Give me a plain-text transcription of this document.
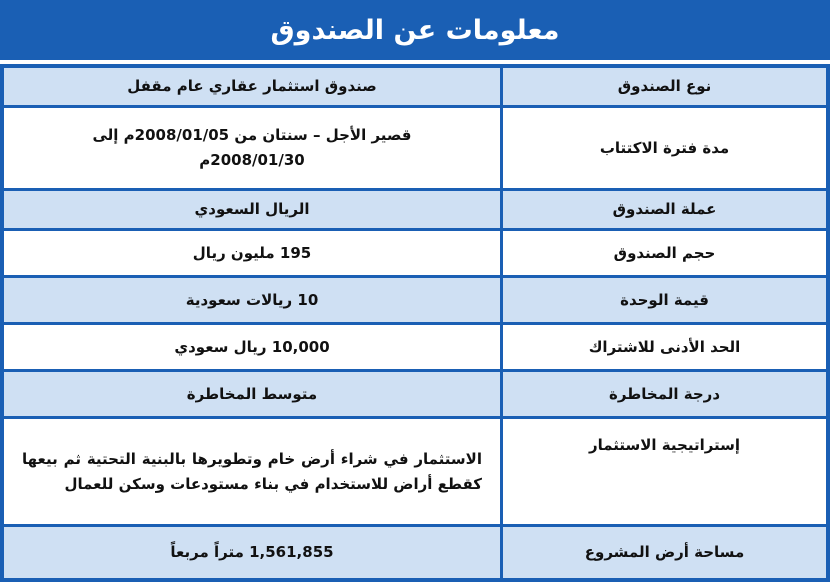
معلومات عن الصندوق
نوع الصندوق
صندوق استثمار عقاري عام مقفل
مدة فترة الاكتتاب
قصير الأجل – سنتان من 2008/01/05م إلى 2008/01/30م
عملة الصندوق
الريال السعودي
حجم الصندوق
195 مليون ريال
قيمة الوحدة
10 ريالات سعودية
الحد الأدنى للاشتراك
10,000 ريال سعودي
درجة المخاطرة
متوسط المخاطرة
إستراتيجية الاستثمار
الاستثمار في شراء أرض خام وتطويرها بالبنية التحتية ثم بيعها كقطع أراض للاستخدام في بناء مستودعات وسكن للعمال
مساحة أرض المشروع
1,561,855 متراً مربعاً
